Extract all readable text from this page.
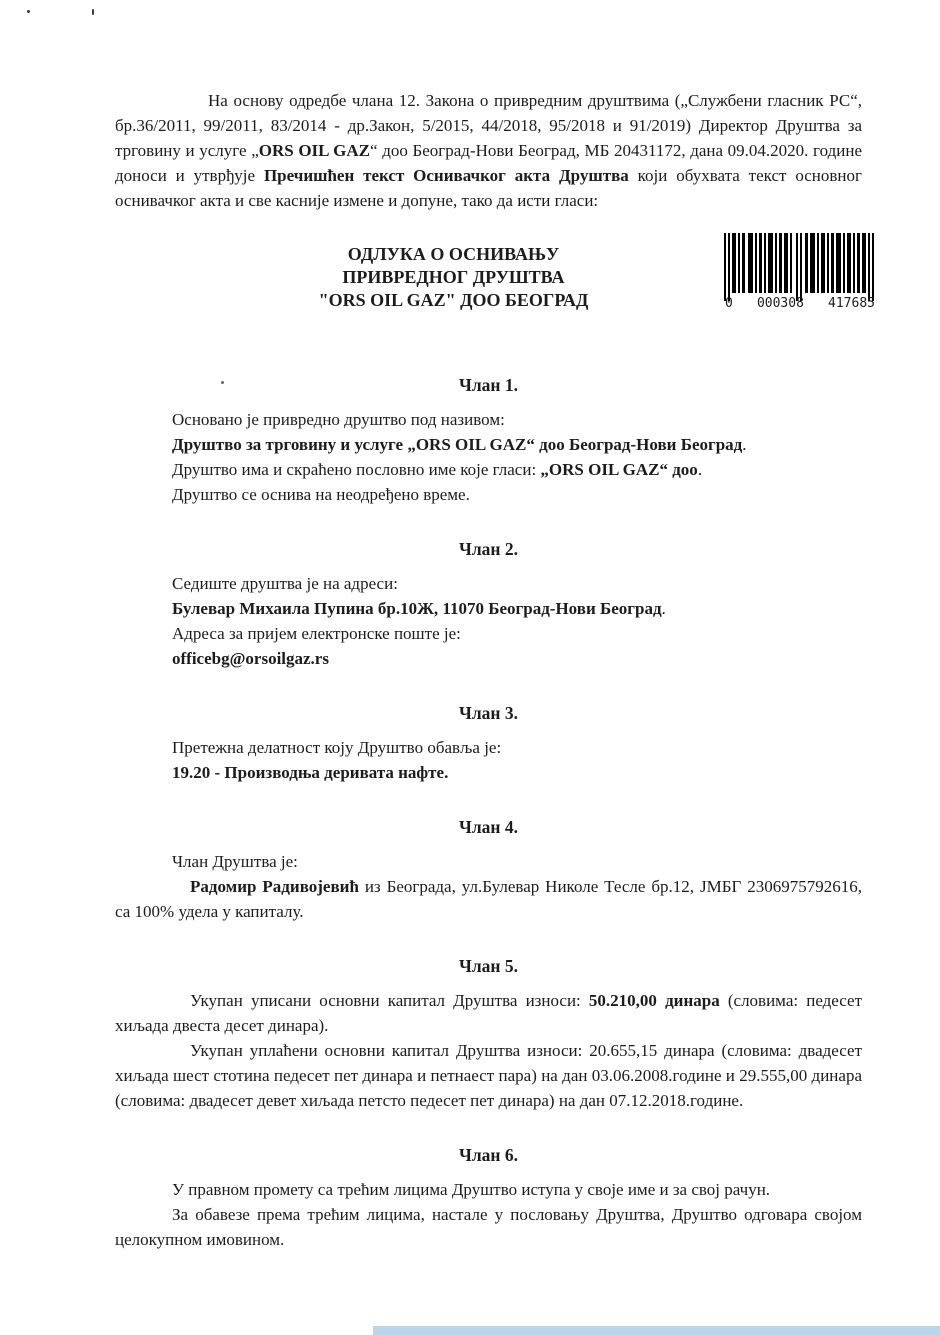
На основу одредбе члана 12. Закона о привредним друштвима („Службени гласник РС“, бр.36/2011, 99/2011, 83/2014 - др.Закон, 5/2015, 44/2018, 95/2018 и 91/2019) Директор Друштва за трговину и услуге „ORS OIL GAZ“ доо Београд-Нови Београд, МБ 20431172, дана 09.04.2020. године доноси и утврђује Пречишћен текст Оснивачког акта Друштва који обухвата текст основног оснивачког акта и све касније измене и допуне, тако да исти гласи:

ОДЛУКА О ОСНИВАЊУ
ПРИВРЕДНОГ ДРУШТВА
"ORS OIL GAZ" ДОО БЕОГРАД	0 000308 417685
Члан 1.

Основано је привредно друштво под називом:

Друштво за трговину и услуге „ORS OIL GAZ“ доо Београд-Нови Београд.

Друштво има и скраћено пословно име које гласи: „ORS OIL GAZ“ доо.

Друштво се оснива на неодређено време.

Члан 2.

Седиште друштва је на адреси:

Булевар Михаила Пупина бр.10Ж, 11070 Београд-Нови Београд.

Адреса за пријем електронске поште је:

officebg@orsoilgaz.rs

Члан 3.

Претежна делатност коју Друштво обавља је:

19.20 - Производња деривата нафте.

Члан 4.

Члан Друштва је:

Радомир Радивојевић из Београда, ул.Булевар Николе Тесле бр.12, ЈМБГ 2306975792616, са 100% удела у капиталу.

Члан 5.

Укупан уписани основни капитал Друштва износи: 50.210,00 динара (словима: педесет хиљада двеста десет динара).

Укупан уплаћени основни капитал Друштва износи: 20.655,15 динара (словима: двадесет хиљада шест стотина педесет пет динара и петнаест пара) на дан 03.06.2008.године и 29.555,00 динара (словима: двадесет девет хиљада петсто педесет пет динара) на дан 07.12.2018.године.

Члан 6.

У правном промету са трећим лицима Друштво иступа у своје име и за свој рачун.

За обавезе према трећим лицима, настале у пословању Друштва, Друштво одговара својом целокупном имовином.
